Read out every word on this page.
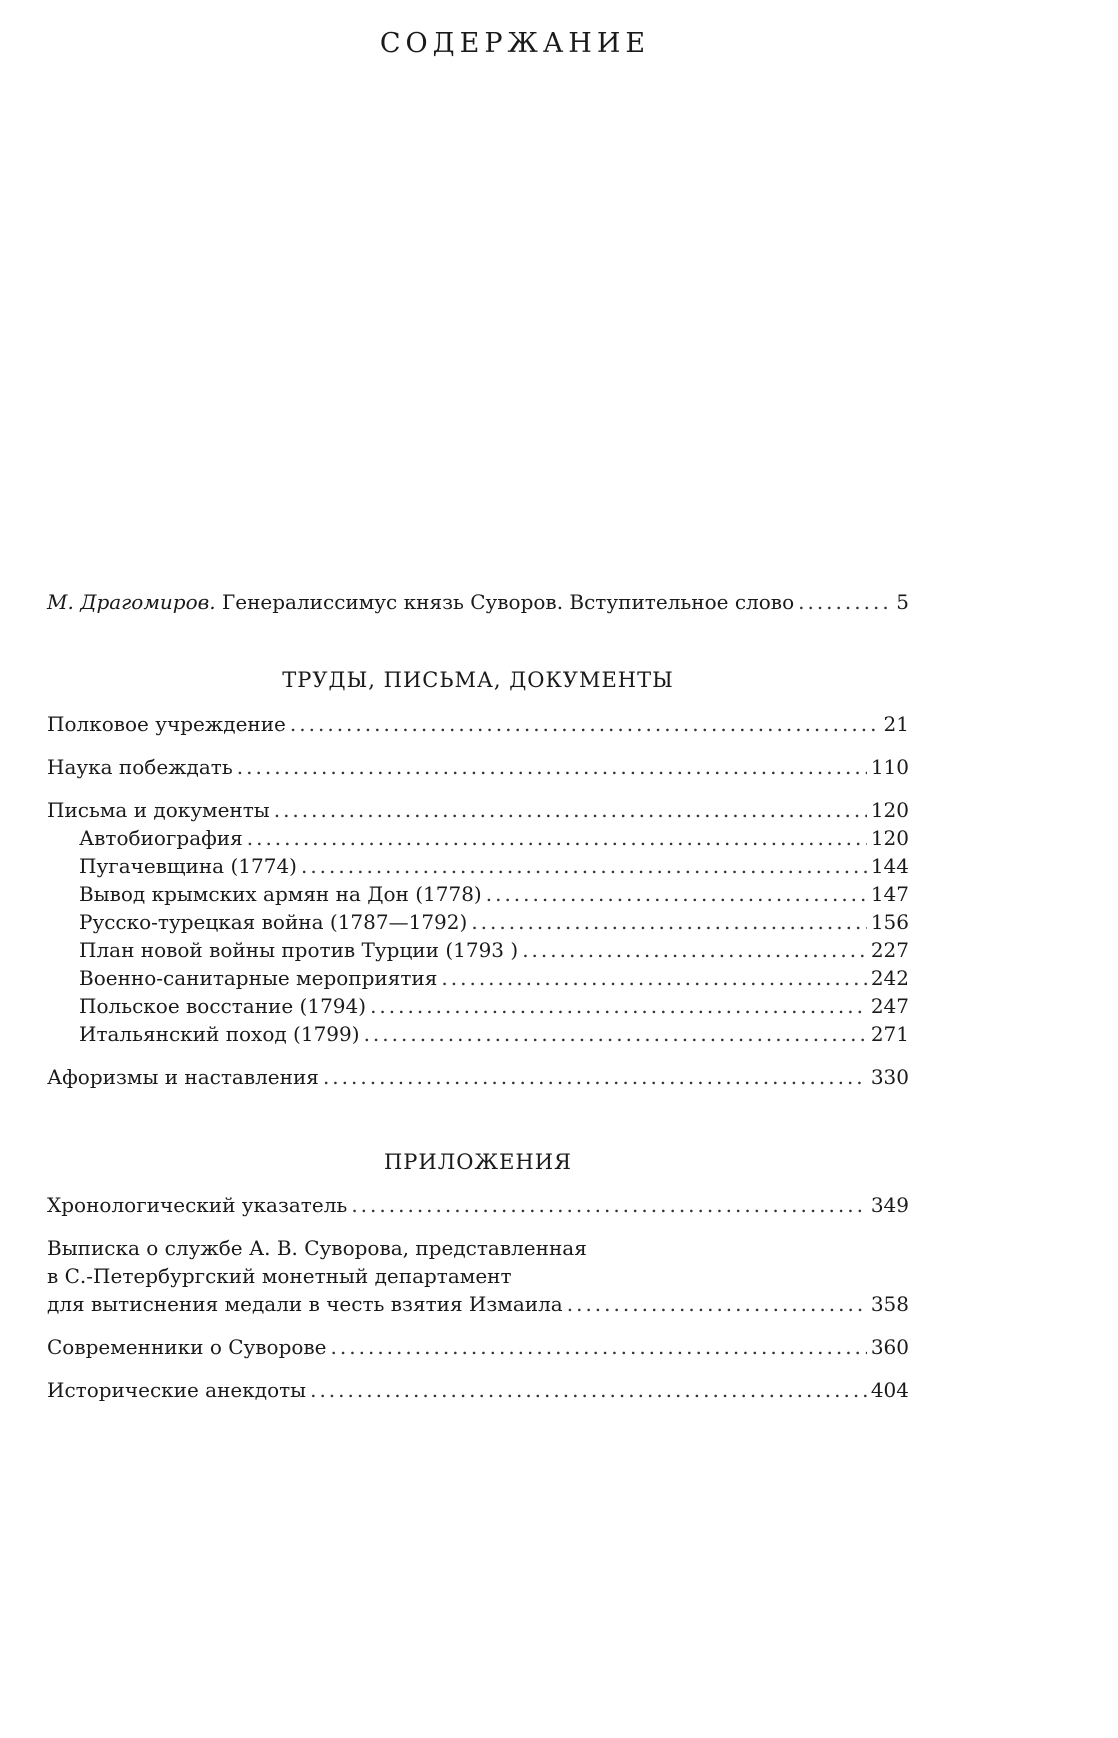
СОДЕРЖАНИЕ
М. Драгомиров. Генералиссимус князь Суворов. Вступительное слово .....	5
ТРУДЫ, ПИСЬМА, ДОКУМЕНТЫ
Полковое учреждение .....	21
Наука побеждать .....	110
Письма и документы .....	120
Автобиография .....	120
Пугачевщина (1774) .....	144
Вывод крымских армян на Дон (1778) .....	147
Русско-турецкая война (1787—1792) .....	156
План новой войны против Турции (1793 ) .....	227
Военно-санитарные мероприятия .....	242
Польское восстание (1794) .....	247
Итальянский поход (1799) .....	271
Афоризмы и наставления .....	330
ПРИЛОЖЕНИЯ
Хронологический указатель .....	349
Выписка о службе А. В. Суворова, представленная
в С.-Петербургский монетный департамент
для вытиснения медали в честь взятия Измаила .....	358
Современники о Суворове .....	360
Исторические анекдоты .....	404
